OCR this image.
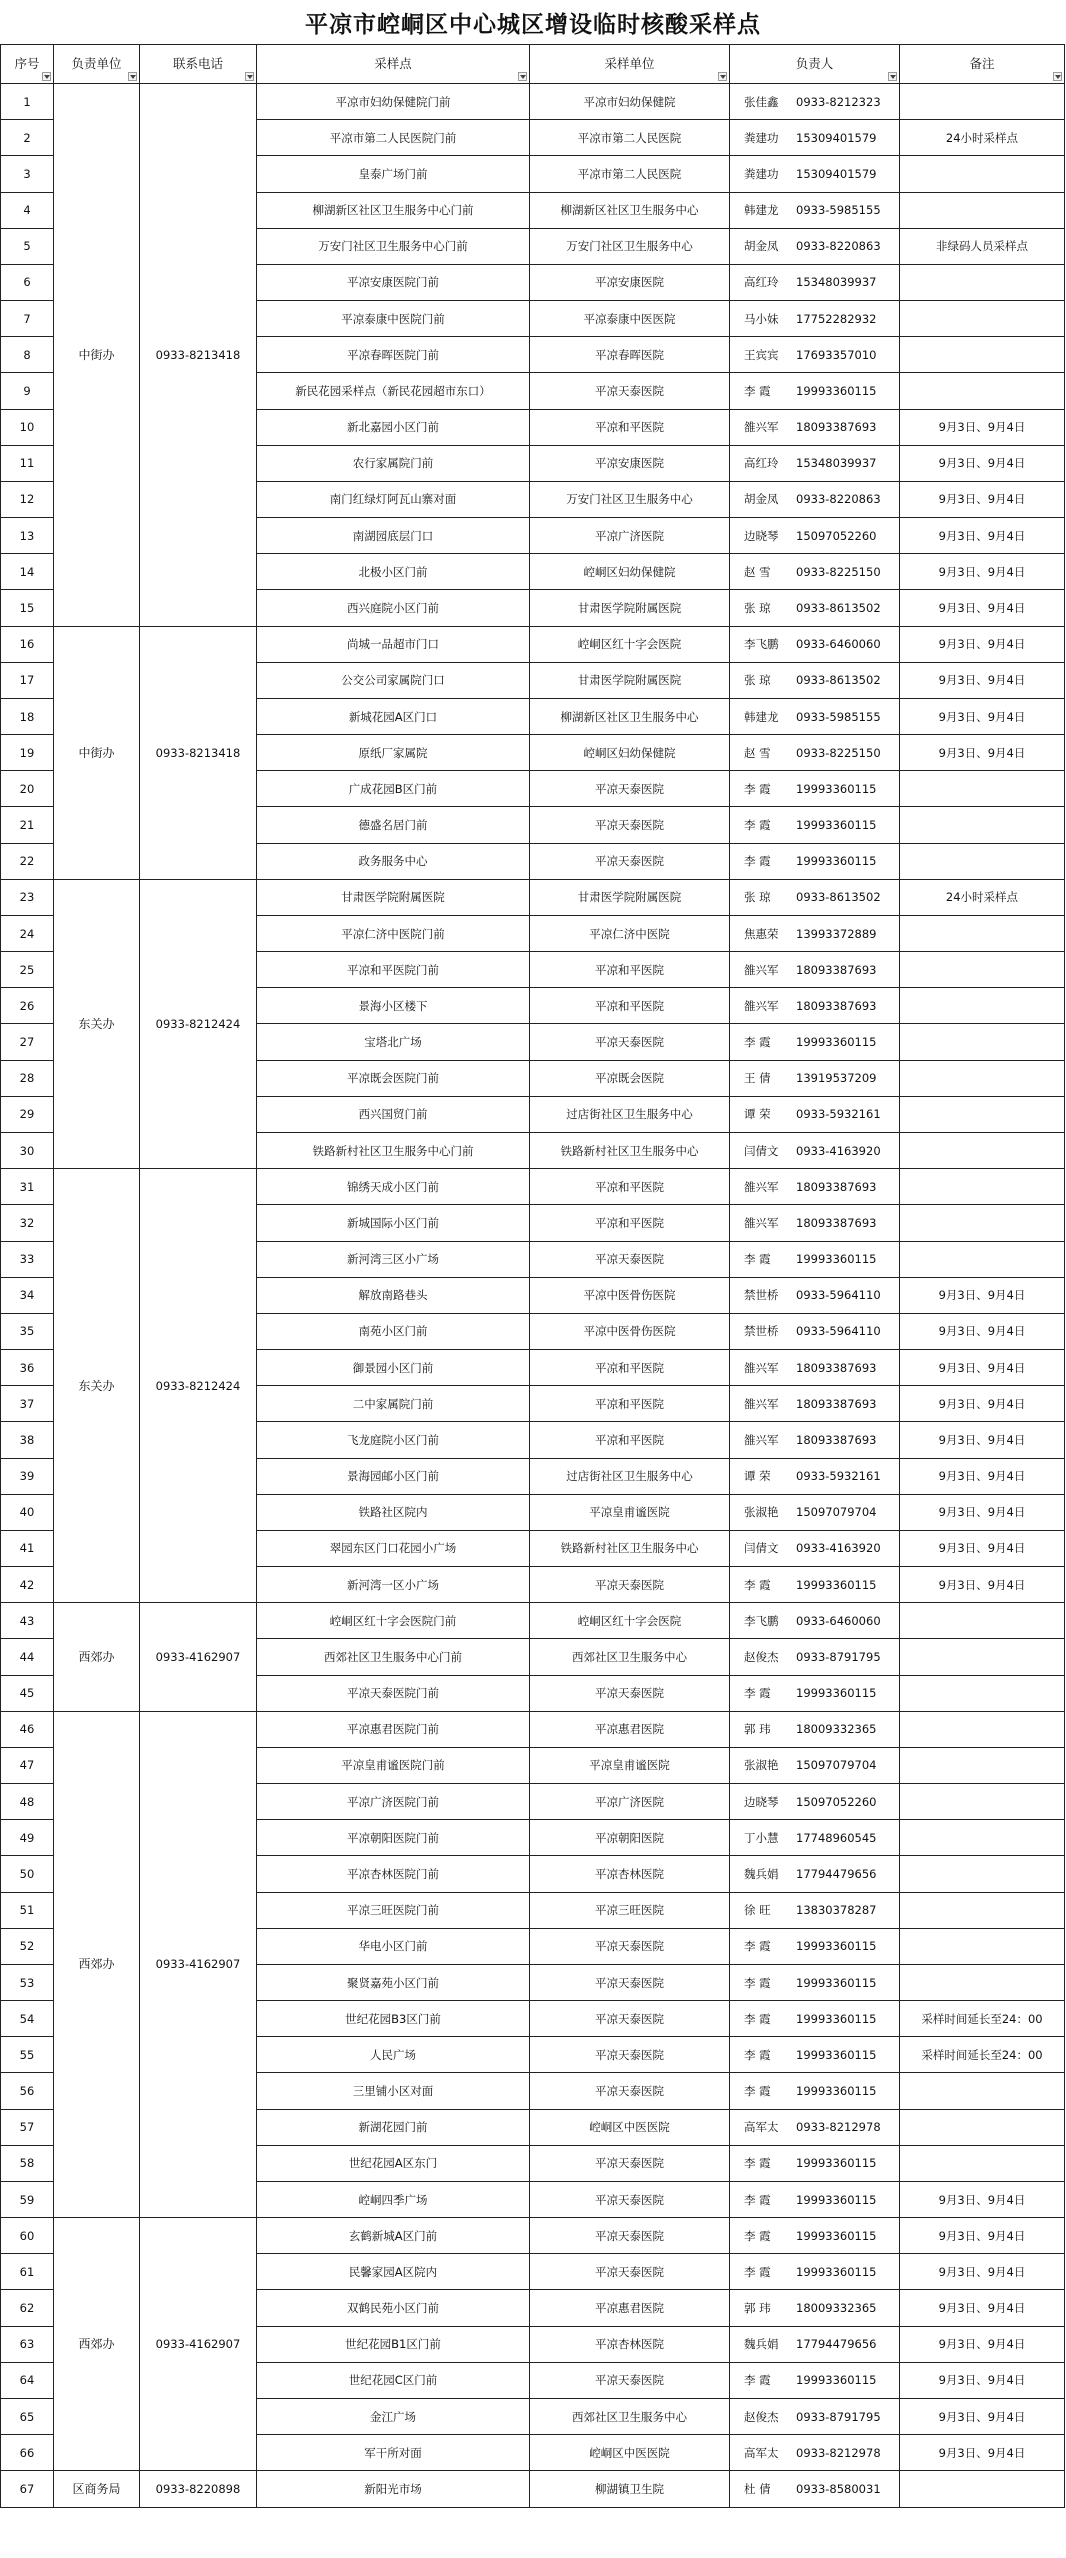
平凉市崆峒区中心城区增设临时核酸采样点
序号	负责单位	联系电话	采样点	采样单位	负责人	备注

1	中街办	0933-8213418	平凉市妇幼保健院门前	平凉市妇幼保健院	张佳鑫 0933-8212323	
2			平凉市第二人民医院门前	平凉市第二人民医院	粪建功 15309401579	24小时采样点
3			皇泰广场门前	平凉市第二人民医院	粪建功 15309401579	
4			柳湖新区社区卫生服务中心门前	柳湖新区社区卫生服务中心	韩建龙 0933-5985155	
5			万安门社区卫生服务中心门前	万安门社区卫生服务中心	胡金凤 0933-8220863	非绿码人员采样点
6			平凉安康医院门前	平凉安康医院	高红玲 15348039937	
7			平凉泰康中医院门前	平凉泰康中医医院	马小妹 17752282932	
8			平凉春晖医院门前	平凉春晖医院	王宾宾 17693357010	
9			新民花园采样点（新民花园超市东口）	平凉天泰医院	李 霞 19993360115	
10			新北嘉园小区门前	平凉和平医院	雒兴军 18093387693	9月3日、9月4日
11			农行家属院门前	平凉安康医院	高红玲 15348039937	9月3日、9月4日
12			南门红绿灯阿瓦山寨对面	万安门社区卫生服务中心	胡金凤 0933-8220863	9月3日、9月4日
13			南湖园底层门口	平凉广济医院	边晓琴 15097052260	9月3日、9月4日
14			北极小区门前	崆峒区妇幼保健院	赵 雪 0933-8225150	9月3日、9月4日
15			西兴庭院小区门前	甘肃医学院附属医院	张 琼 0933-8613502	9月3日、9月4日
16	中街办	0933-8213418	尚城一品超市门口	崆峒区红十字会医院	李飞鹏 0933-6460060	9月3日、9月4日
17			公交公司家属院门口	甘肃医学院附属医院	张 琼 0933-8613502	9月3日、9月4日
18			新城花园A区门口	柳湖新区社区卫生服务中心	韩建龙 0933-5985155	9月3日、9月4日
19			原纸厂家属院	崆峒区妇幼保健院	赵 雪 0933-8225150	9月3日、9月4日
20			广成花园B区门前	平凉天泰医院	李 霞 19993360115	
21			德盛名居门前	平凉天泰医院	李 霞 19993360115	
22			政务服务中心	平凉天泰医院	李 霞 19993360115	
23	东关办	0933-8212424	甘肃医学院附属医院	甘肃医学院附属医院	张 琼 0933-8613502	24小时采样点
24			平凉仁济中医院门前	平凉仁济中医院	焦惠荣 13993372889	
25			平凉和平医院门前	平凉和平医院	雒兴军 18093387693	
26			景海小区楼下	平凉和平医院	雒兴军 18093387693	
27			宝塔北广场	平凉天泰医院	李 霞 19993360115	
28			平凉既会医院门前	平凉既会医院	王 倩 13919537209	
29			西兴国贸门前	过店街社区卫生服务中心	谭 荣 0933-5932161	
30			铁路新村社区卫生服务中心门前	铁路新村社区卫生服务中心	闫倩文 0933-4163920	
31	东关办	0933-8212424	锦绣天成小区门前	平凉和平医院	雒兴军 18093387693	
32			新城国际小区门前	平凉和平医院	雒兴军 18093387693	
33			新河湾三区小广场	平凉天泰医院	李 霞 19993360115	
34			解放南路巷头	平凉中医骨伤医院	禁世桥 0933-5964110	9月3日、9月4日
35			南苑小区门前	平凉中医骨伤医院	禁世桥 0933-5964110	9月3日、9月4日
36			御景园小区门前	平凉和平医院	雒兴军 18093387693	9月3日、9月4日
37			二中家属院门前	平凉和平医院	雒兴军 18093387693	9月3日、9月4日
38			飞龙庭院小区门前	平凉和平医院	雒兴军 18093387693	9月3日、9月4日
39			景海园邮小区门前	过店街社区卫生服务中心	谭 荣 0933-5932161	9月3日、9月4日
40			铁路社区院内	平凉皇甫谧医院	张淑艳 15097079704	9月3日、9月4日
41			翠园东区门口花园小广场	铁路新村社区卫生服务中心	闫倩文 0933-4163920	9月3日、9月4日
42			新河湾一区小广场	平凉天泰医院	李 霞 19993360115	9月3日、9月4日
43	西郊办	0933-4162907	崆峒区红十字会医院门前	崆峒区红十字会医院	李飞鹏 0933-6460060	
44			西郊社区卫生服务中心门前	西郊社区卫生服务中心	赵俊杰 0933-8791795	
45			平凉天泰医院门前	平凉天泰医院	李 霞 19993360115	
46	西郊办	0933-4162907	平凉惠君医院门前	平凉惠君医院	郭 玮 18009332365	
47			平凉皇甫谧医院门前	平凉皇甫谧医院	张淑艳 15097079704	
48			平凉广济医院门前	平凉广济医院	边晓琴 15097052260	
49			平凉朝阳医院门前	平凉朝阳医院	丁小慧 17748960545	
50			平凉杏林医院门前	平凉杏林医院	魏兵娟 17794479656	
51			平凉三旺医院门前	平凉三旺医院	徐 旺 13830378287	
52			华电小区门前	平凉天泰医院	李 霞 19993360115	
53			聚贤嘉苑小区门前	平凉天泰医院	李 霞 19993360115	
54			世纪花园B3区门前	平凉天泰医院	李 霞 19993360115	采样时间延长至24：00
55			人民广场	平凉天泰医院	李 霞 19993360115	采样时间延长至24：00
56			三里铺小区对面	平凉天泰医院	李 霞 19993360115	
57			新湖花园门前	崆峒区中医医院	高军太 0933-8212978	
58			世纪花园A区东门	平凉天泰医院	李 霞 19993360115	
59			崆峒四季广场	平凉天泰医院	李 霞 19993360115	9月3日、9月4日
60	西郊办	0933-4162907	玄鹤新城A区门前	平凉天泰医院	李 霞 19993360115	9月3日、9月4日
61			民馨家园A区院内	平凉天泰医院	李 霞 19993360115	9月3日、9月4日
62			双鹤民苑小区门前	平凉惠君医院	郭 玮 18009332365	9月3日、9月4日
63			世纪花园B1区门前	平凉杏林医院	魏兵娟 17794479656	9月3日、9月4日
64			世纪花园C区门前	平凉天泰医院	李 霞 19993360115	9月3日、9月4日
65			金江广场	西郊社区卫生服务中心	赵俊杰 0933-8791795	9月3日、9月4日
66			军干所对面	崆峒区中医医院	高军太 0933-8212978	9月3日、9月4日
67	区商务局	0933-8220898	新阳光市场	柳湖镇卫生院	杜 倩 0933-8580031	
